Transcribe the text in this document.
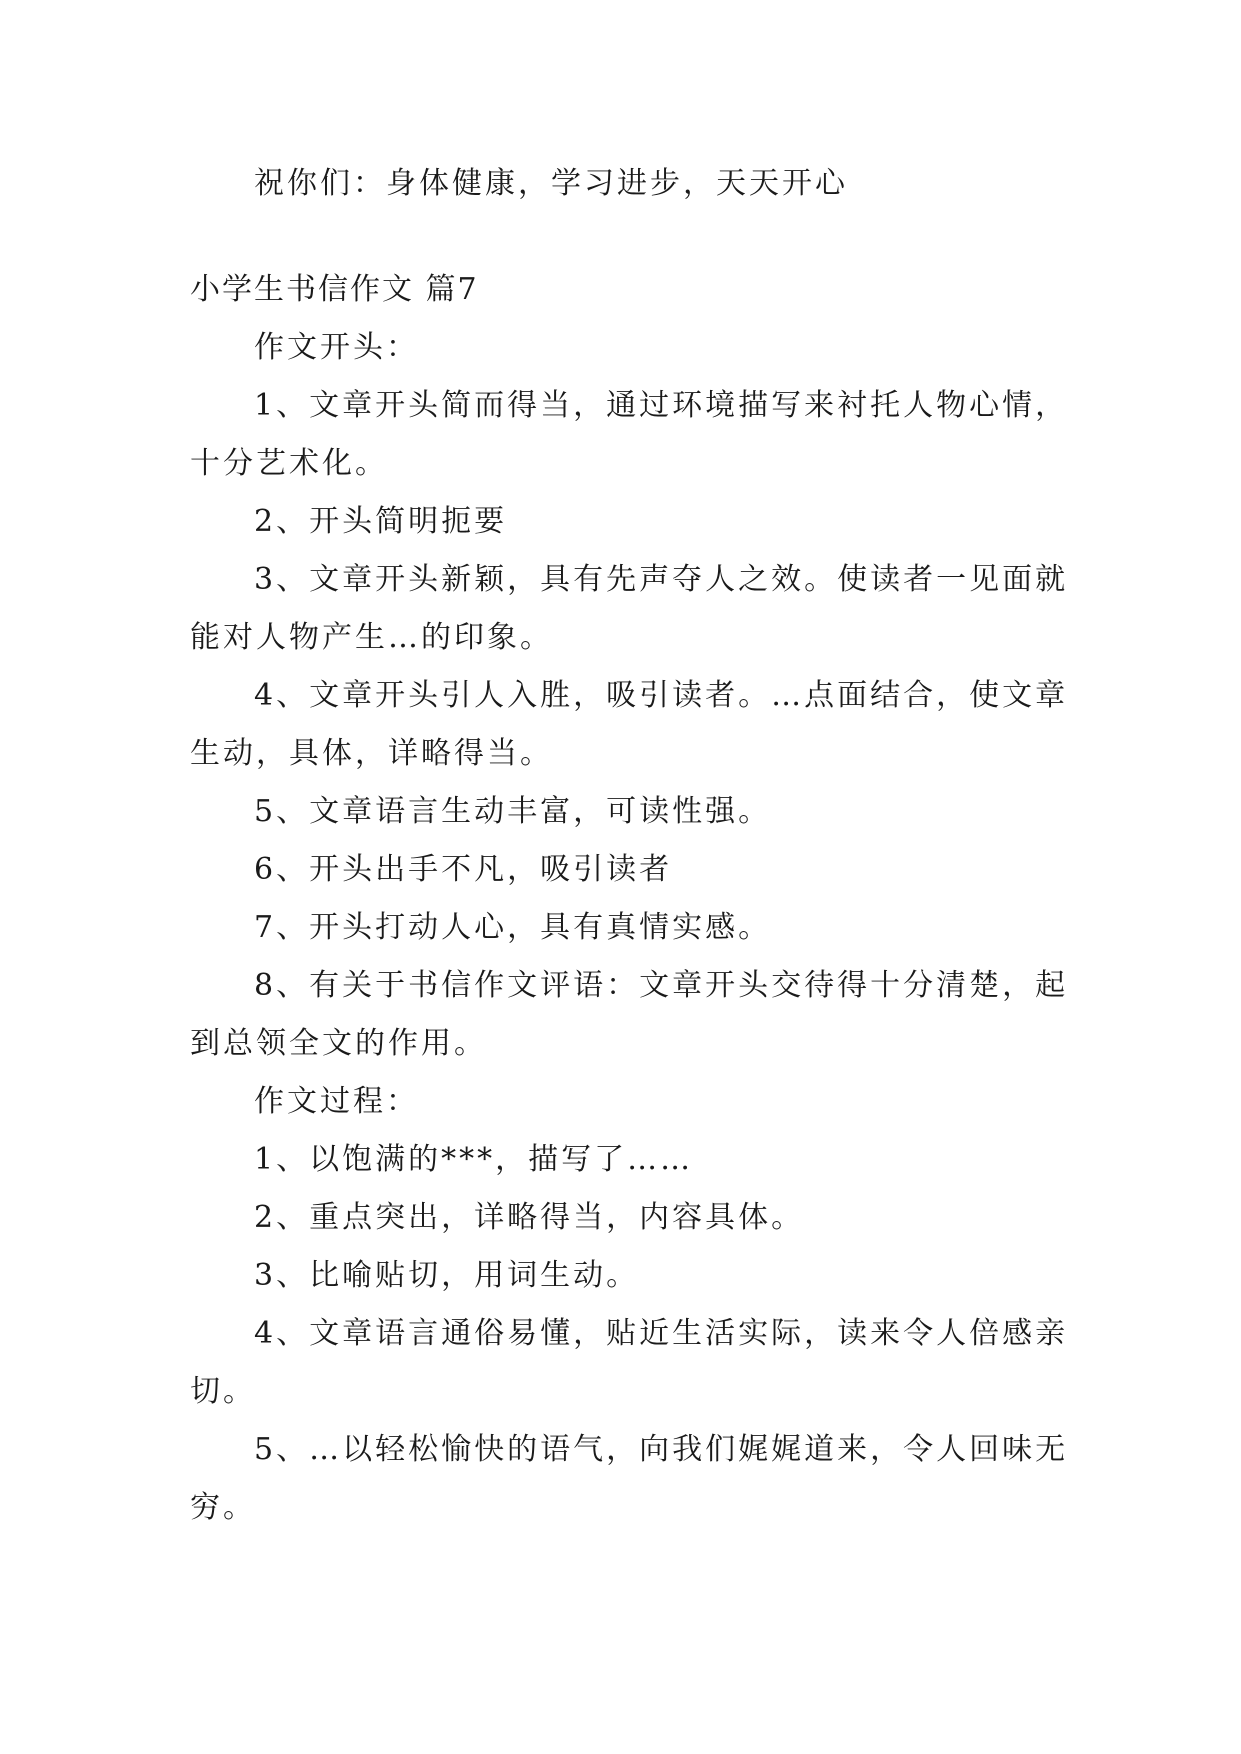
祝你们：身体健康，学习进步，天天开心

小学生书信作文 篇7

作文开头：

1、文章开头简而得当，通过环境描写来衬托人物心情，十分艺术化。

2、开头简明扼要

3、文章开头新颖，具有先声夺人之效。使读者一见面就能对人物产生…的印象。

4、文章开头引人入胜，吸引读者。…点面结合，使文章生动，具体，详略得当。

5、文章语言生动丰富，可读性强。

6、开头出手不凡，吸引读者

7、开头打动人心，具有真情实感。

8、有关于书信作文评语：文章开头交待得十分清楚，起到总领全文的作用。

作文过程：

1、以饱满的***，描写了……

2、重点突出，详略得当，内容具体。

3、比喻贴切，用词生动。

4、文章语言通俗易懂，贴近生活实际，读来令人倍感亲切。

5、…以轻松愉快的语气，向我们娓娓道来，令人回味无穷。
